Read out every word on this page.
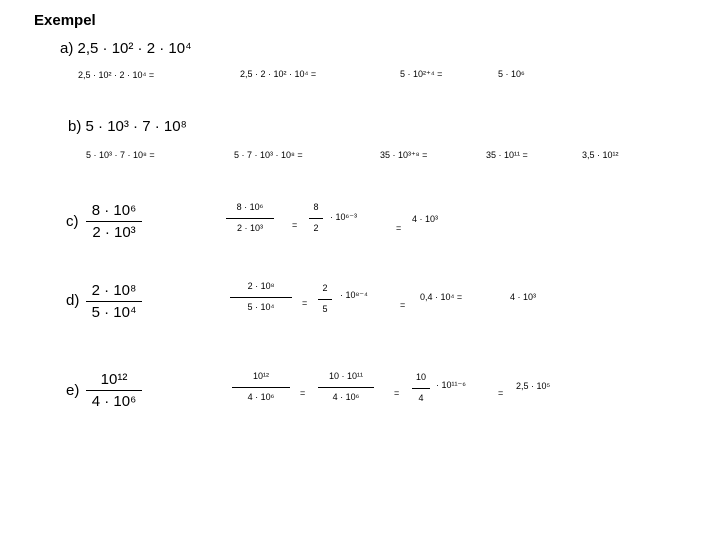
Exempel
a) 2,5 · 10² · 2 · 10⁴
2,5 · 10² · 2 · 10⁴ =	2,5 · 2 · 10² · 10⁴ =	5 · 10²⁺⁴ =	5 · 10⁶
b) 5 · 10³ · 7 · 10⁸
5 · 10³ · 7 · 10⁸ =	5 · 7 · 10³ · 10⁸ =	35 · 10³⁺⁸ =	35 · 10¹¹ =	3,5 · 10¹²
c)
8 · 10⁶
2 · 10³
8 · 10⁶
2 · 10³	=
8
2
· 10⁶⁻³
=
4 · 10³
d)
2 · 10⁸
5 · 10⁴
2 · 10⁸
5 · 10⁴	=
2
5
· 10⁸⁻⁴
=
0,4 · 10⁴ =	4 · 10³
e)
10¹²
4 · 10⁶
10¹²
4 · 10⁶	=
10 · 10¹¹
4 · 10⁶	=
10
4
· 10¹¹⁻⁶
=
2,5 · 10⁵
